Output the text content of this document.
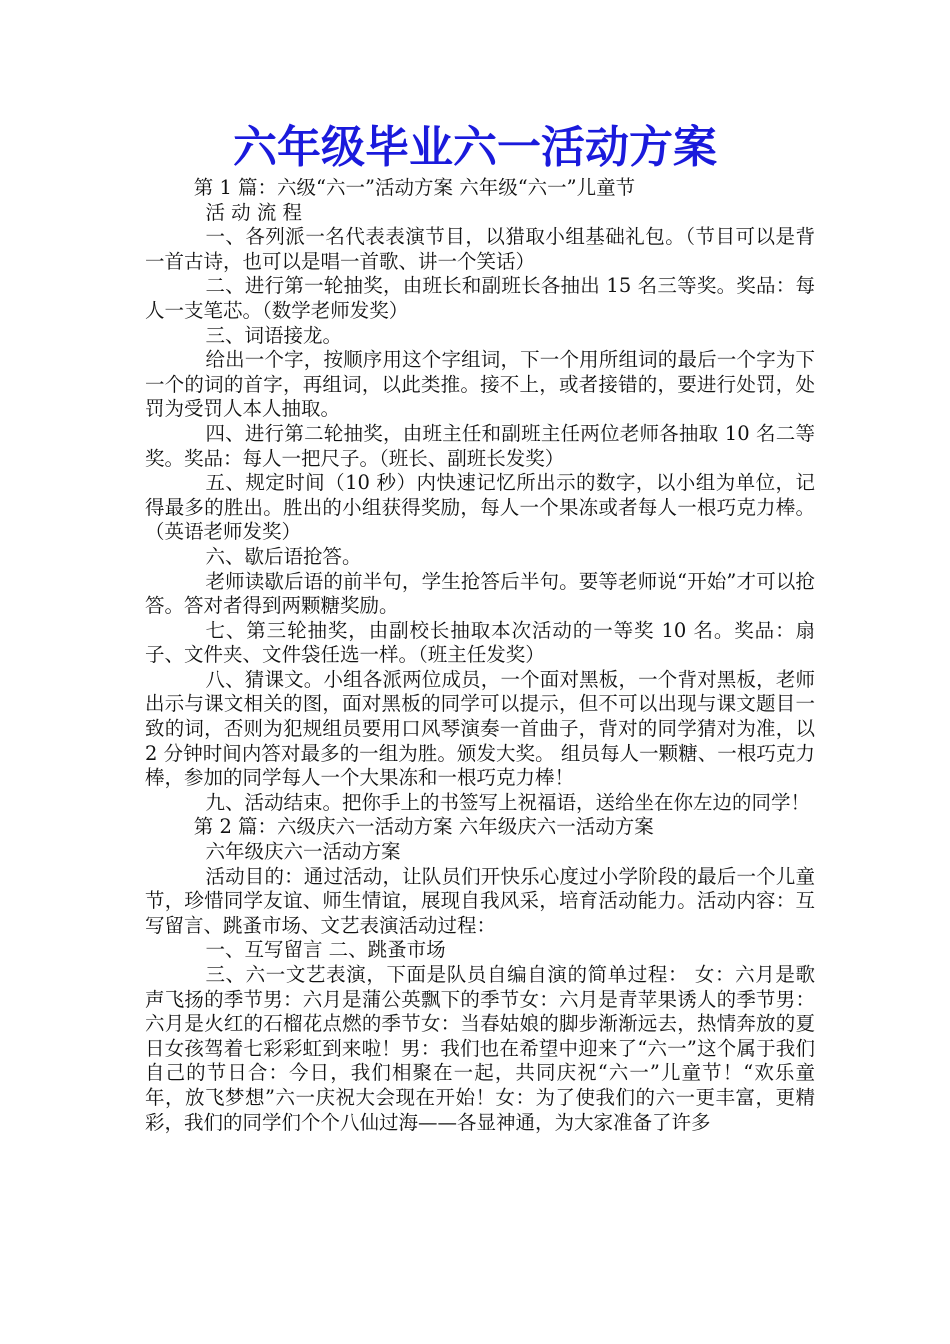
六年级毕业六一活动方案

第 1 篇：六级“六一”活动方案 六年级“六一”儿童节

活 动 流 程

一、各列派一名代表表演节目，以猎取小组基础礼包。（节目可以是背一首古诗，也可以是唱一首歌、讲一个笑话）

二、进行第一轮抽奖，由班长和副班长各抽出 15 名三等奖。奖品：每人一支笔芯。（数学老师发奖）

三、词语接龙。

给出一个字，按顺序用这个字组词，下一个用所组词的最后一个字为下一个的词的首字，再组词，以此类推。接不上，或者接错的，要进行处罚，处罚为受罚人本人抽取。

四、进行第二轮抽奖，由班主任和副班主任两位老师各抽取 10 名二等奖。奖品：每人一把尺子。（班长、副班长发奖）

五、规定时间（10 秒）内快速记忆所出示的数字，以小组为单位，记得最多的胜出。胜出的小组获得奖励，每人一个果冻或者每人一根巧克力棒。（英语老师发奖）

六、歇后语抢答。

老师读歇后语的前半句，学生抢答后半句。要等老师说“开始”才可以抢答。答对者得到两颗糖奖励。

七、第三轮抽奖，由副校长抽取本次活动的一等奖 10 名。奖品：扇子、文件夹、文件袋任选一样。（班主任发奖）

八、猜课文。小组各派两位成员，一个面对黑板，一个背对黑板，老师出示与课文相关的图，面对黑板的同学可以提示，但不可以出现与课文题目一致的词，否则为犯规组员要用口风琴演奏一首曲子，背对的同学猜对为准，以 2 分钟时间内答对最多的一组为胜。颁发大奖。 组员每人一颗糖、一根巧克力棒，参加的同学每人一个大果冻和一根巧克力棒！

九、活动结束。把你手上的书签写上祝福语，送给坐在你左边的同学！

第 2 篇：六级庆六一活动方案 六年级庆六一活动方案

六年级庆六一活动方案

活动目的：通过活动，让队员们开快乐心度过小学阶段的最后一个儿童节，珍惜同学友谊、师生情谊，展现自我风采，培育活动能力。活动内容：互写留言、跳蚤市场、文艺表演活动过程：

一、互写留言 二、跳蚤市场

三、六一文艺表演，下面是队员自编自演的简单过程： 女：六月是歌声飞扬的季节男：六月是蒲公英飘下的季节女：六月是青苹果诱人的季节男：六月是火红的石榴花点燃的季节女：当春姑娘的脚步渐渐远去，热情奔放的夏日女孩驾着七彩彩虹到来啦！男：我们也在希望中迎来了“六一”这个属于我们自己的节日合：今日，我们相聚在一起，共同庆祝“六一”儿童节！“欢乐童年，放飞梦想”六一庆祝大会现在开始！女：为了使我们的六一更丰富，更精彩，我们的同学们个个八仙过海——各显神通，为大家准备了许多
